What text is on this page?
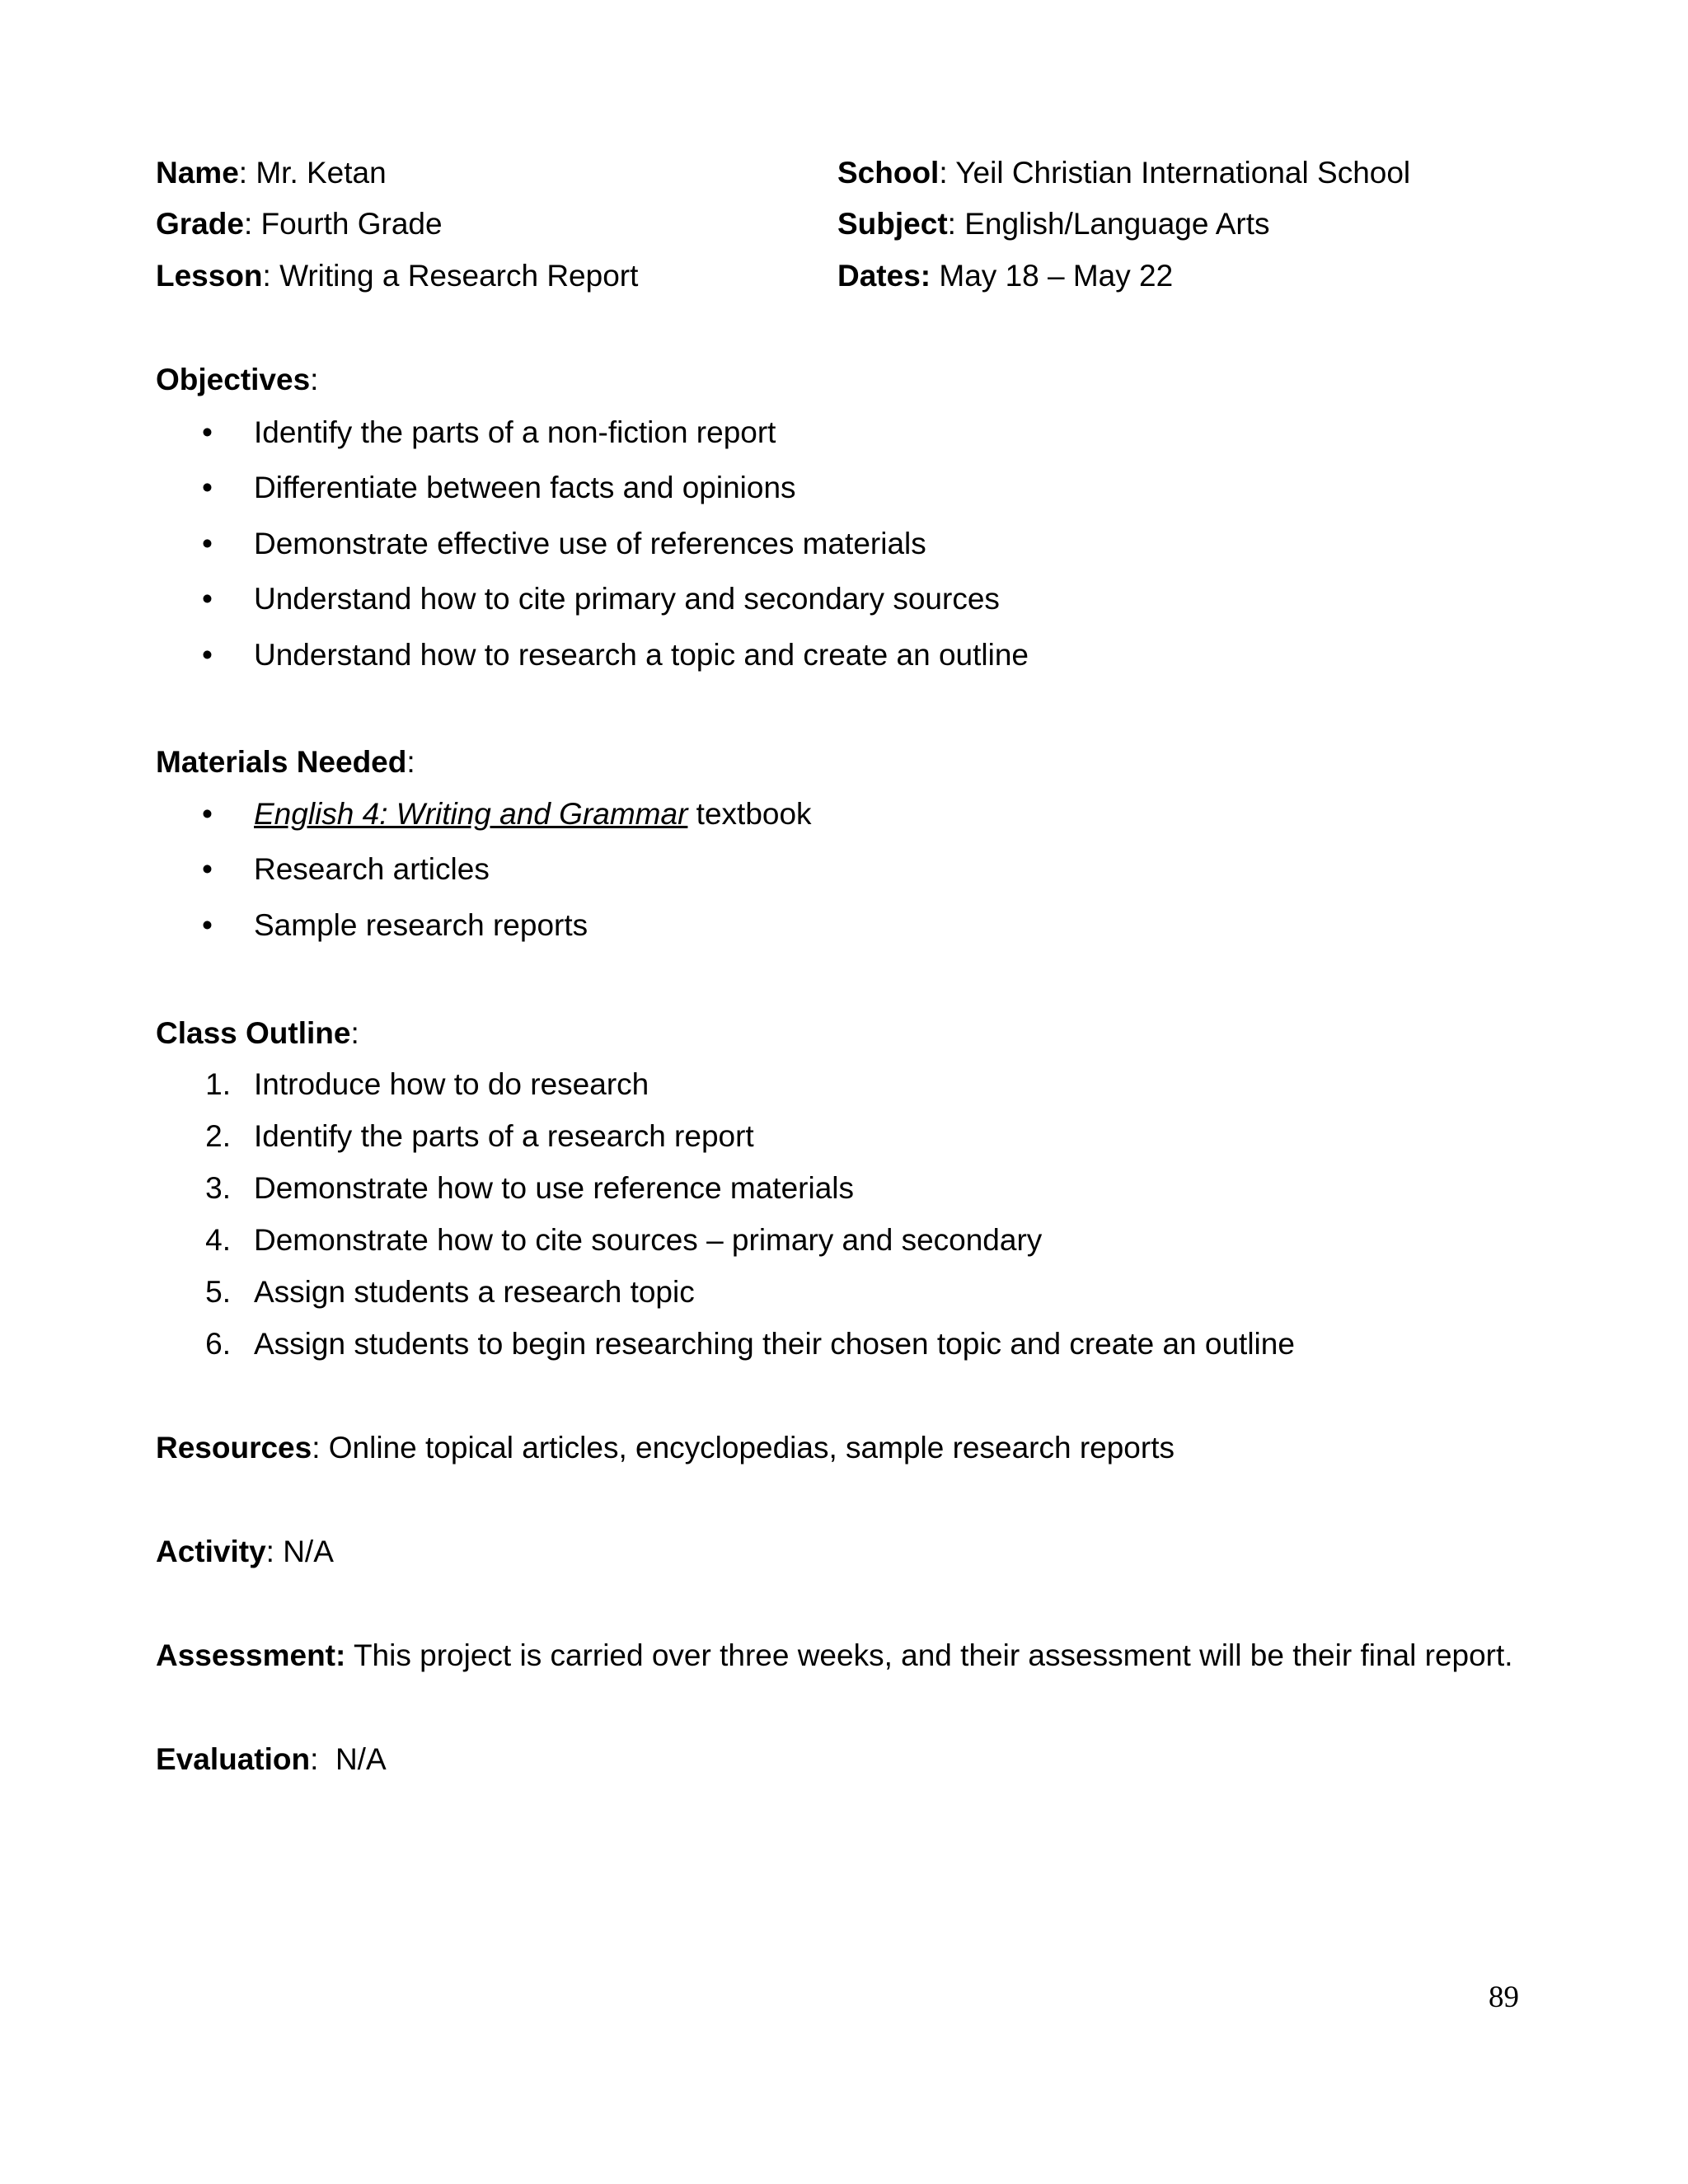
Name: Mr. Ketan
Grade: Fourth Grade
Lesson: Writing a Research Report
School: Yeil Christian International School
Subject: English/Language Arts
Dates: May 18 – May 22
Objectives:
• Identify the parts of a non-fiction report
• Differentiate between facts and opinions
• Demonstrate effective use of references materials
• Understand how to cite primary and secondary sources
• Understand how to research a topic and create an outline
Materials Needed:
• English 4: Writing and Grammar textbook
• Research articles
• Sample research reports
Class Outline:
1. Introduce how to do research
2. Identify the parts of a research report
3. Demonstrate how to use reference materials
4. Demonstrate how to cite sources – primary and secondary
5. Assign students a research topic
6. Assign students to begin researching their chosen topic and create an outline
Resources: Online topical articles, encyclopedias, sample research reports
Activity: N/A
Assessment: This project is carried over three weeks, and their assessment will be their final report.
Evaluation:  N/A
89
